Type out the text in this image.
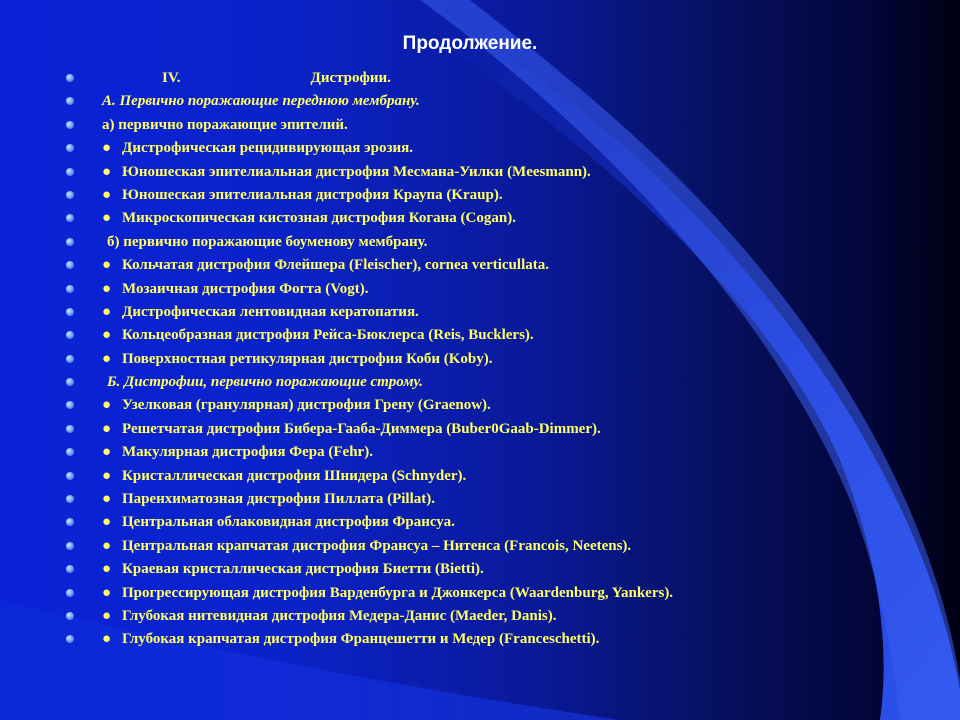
Продолжение.
IV.	Дистрофии.
А. Первично поражающие переднюю мембрану.
а) первично поражающие эпителий.
● Дистрофическая рецидивирующая эрозия.
● Юношеская эпителиальная дистрофия Месмана-Уилки (Meesmann).
● Юношеская эпителиальная дистрофия Краупа (Kraup).
● Микроскопическая кистозная дистрофия Когана (Cogan).
б) первично поражающие боуменову мембрану.
● Кольчатая дистрофия Флейшера (Fleischer), cornea verticullata.
● Мозаичная дистрофия Фогта (Vogt).
● Дистрофическая лентовидная кератопатия.
● Кольцеобразная дистрофия Рейса-Бюклерса (Reis, Bucklers).
● Поверхностная ретикулярная дистрофия Коби (Koby).
Б. Дистрофии, первично поражающие строму.
● Узелковая (гранулярная) дистрофия Грену (Graenow).
● Решетчатая дистрофия Бибера-Гааба-Диммера (Buber0Gaab-Dimmer).
● Макулярная дистрофия Фера (Fehr).
● Кристаллическая дистрофия Шнидера (Schnyder).
● Паренхиматозная дистрофия Пиллата (Pillat).
● Центральная облаковидная дистрофия Франсуа.
● Центральная крапчатая дистрофия Франсуа – Нитенса (Francois, Neetens).
● Краевая кристаллическая дистрофия Биетти (Bietti).
● Прогрессирующая дистрофия Варденбурга и Джонкерса (Waardenburg, Yankers).
● Глубокая нитевидная дистрофия Медера-Данис (Maeder, Danis).
● Глубокая крапчатая дистрофия Францешетти и Медер (Franceschetti).
